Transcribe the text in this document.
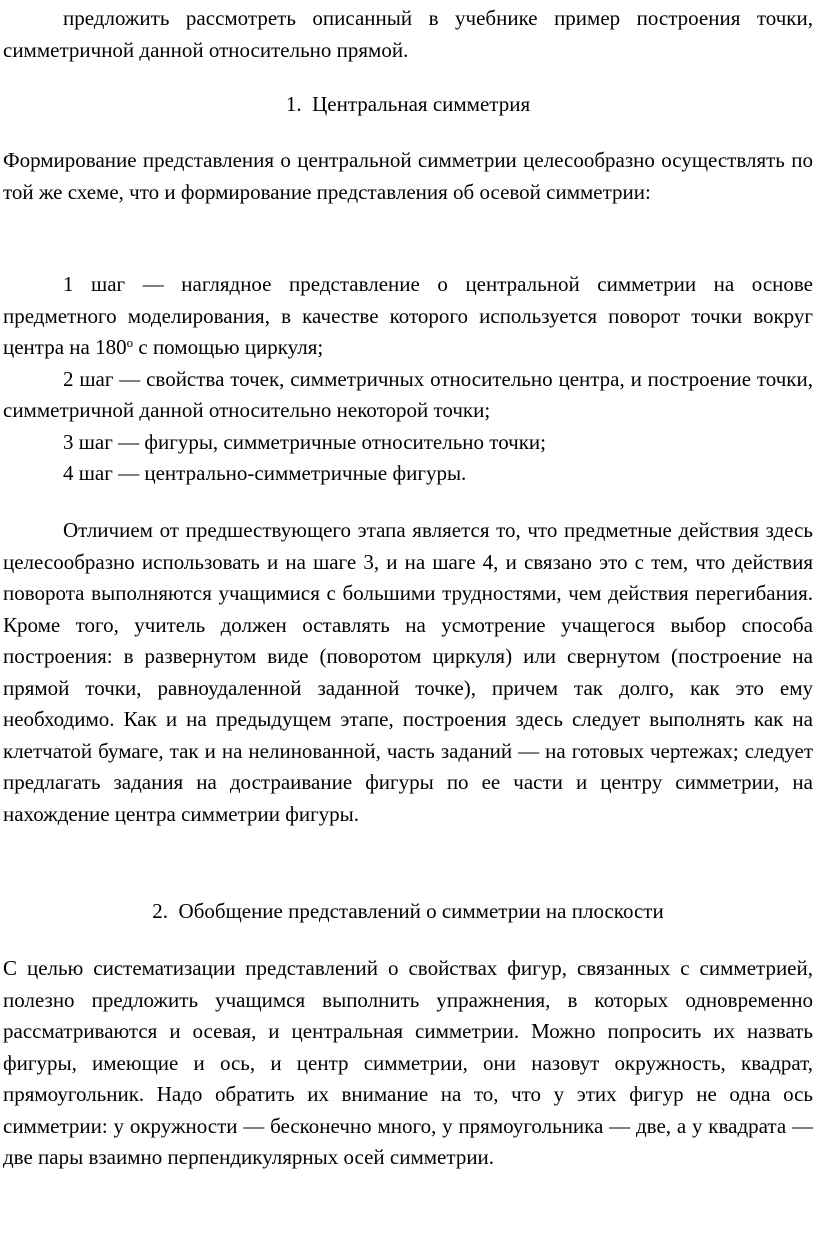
предложить рассмотреть описанный в учебнике пример построения точки, симметричной данной относительно прямой.

1. Центральная симметрия

Формирование представления о центральной симметрии целесообразно осуществлять по той же схеме, что и формирование представления об осевой симметрии:

1 шаг — наглядное представление о центральной симметрии на основе предметного моделирования, в качестве которого используется поворот точки вокруг центра на $180^о$ с помощью циркуля;

2 шаг — свойства точек, симметричных относительно центра, и построение точки, симметричной данной относительно некоторой точки;

3 шаг — фигуры, симметричные относительно точки;

4 шаг — центрально-симметричные фигуры.

Отличием от предшествующего этапа является то, что предметные действия здесь целесообразно использовать и на шаге 3, и на шаге 4, и связано это с тем, что действия поворота выполняются учащимися с большими трудностями, чем действия перегибания. Кроме того, учитель должен оставлять на усмотрение учащегося выбор способа построения: в развернутом виде (поворотом циркуля) или свернутом (построение на прямой точки, равноудаленной заданной точке), причем так долго, как это ему необходимо. Как и на предыдущем этапе, построения здесь следует выполнять как на клетчатой бумаге, так и на нелинованной, часть заданий — на готовых чертежах; следует предлагать задания на достраивание фигуры по ее части и центру симметрии, на нахождение центра симметрии фигуры.

2. Обобщение представлений о симметрии на плоскости

С целью систематизации представлений о свойствах фигур, связанных с симметрией, полезно предложить учащимся выполнить упражнения, в которых одновременно рассматриваются и осевая, и центральная симметрии. Можно попросить их назвать фигуры, имеющие и ось, и центр симметрии, они назовут окружность, квадрат, прямоугольник. Надо обратить их внимание на то, что у этих фигур не одна ось симметрии: у окружности — бесконечно много, у прямоугольника — две, а у квадрата — две пары взаимно перпендикулярных осей симметрии.
